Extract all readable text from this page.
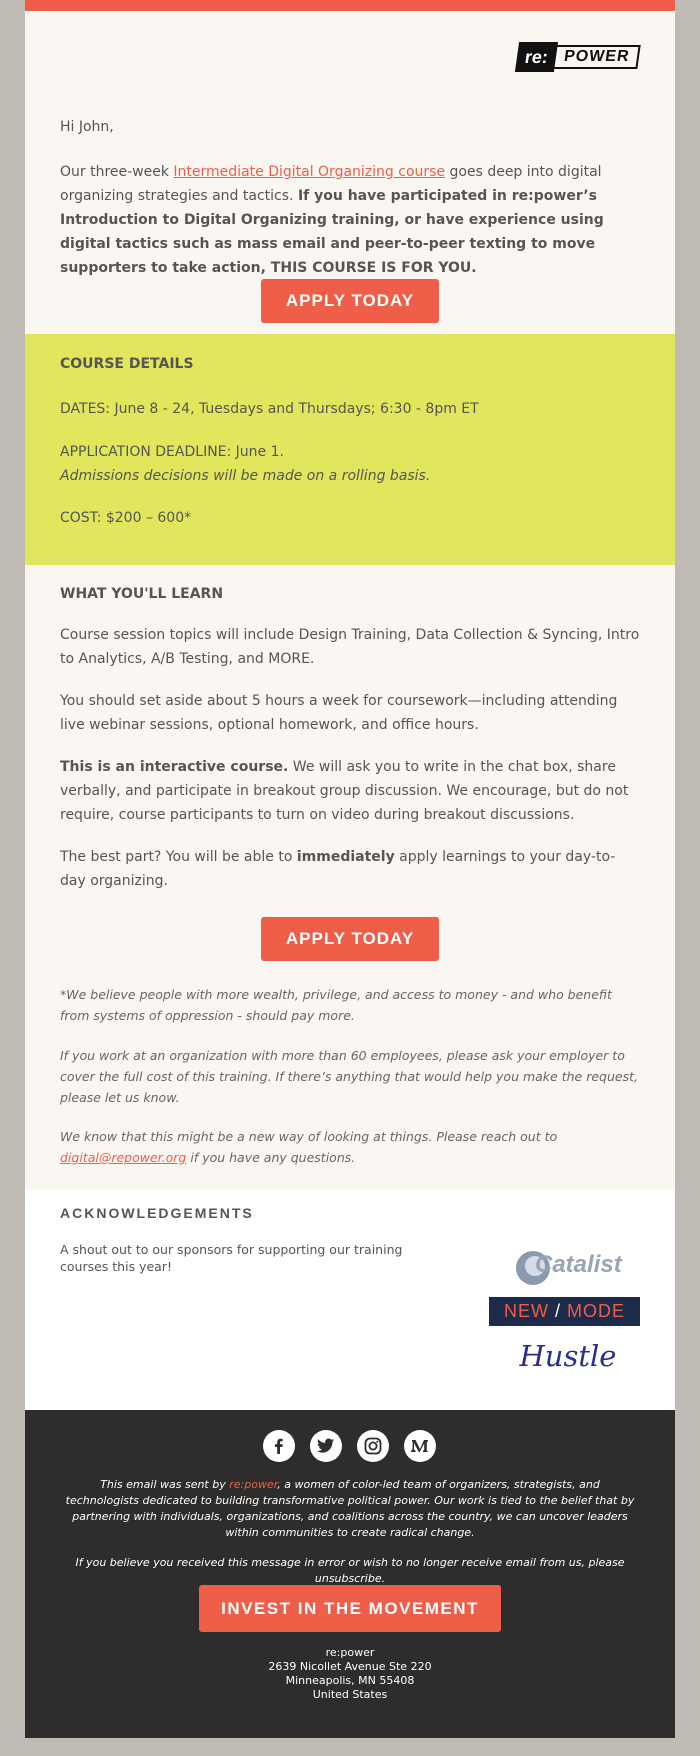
re: POWER

Hi John,

Our three-week Intermediate Digital Organizing course goes deep into digital organizing strategies and tactics. If you have participated in re:power’s Introduction to Digital Organizing training, or have experience using digital tactics such as mass email and peer-to-peer texting to move supporters to take action, THIS COURSE IS FOR YOU.

APPLY TODAY
COURSE DETAILS

DATES: June 8 - 24, Tuesdays and Thursdays; 6:30 - 8pm ET

APPLICATION DEADLINE: June 1.

Admissions decisions will be made on a rolling basis.

COST: $200 – 600*

WHAT YOU'LL LEARN

Course session topics will include Design Training, Data Collection & Syncing, Intro to Analytics, A/B Testing, and MORE.

You should set aside about 5 hours a week for coursework—including attending live webinar sessions, optional homework, and office hours.

This is an interactive course. We will ask you to write in the chat box, share verbally, and participate in breakout group discussion. We encourage, but do not require, course participants to turn on video during breakout discussions.

The best part? You will be able to immediately apply learnings to your day-to-day organizing.

APPLY TODAY

*We believe people with more wealth, privilege, and access to money - and who benefit from systems of oppression - should pay more.

If you work at an organization with more than 60 employees, please ask your employer to cover the full cost of this training. If there’s anything that would help you make the request, please let us know.

We know that this might be a new way of looking at things. Please reach out to digital@repower.org if you have any questions.

ACKNOWLEDGEMENTS
A shout out to our sponsors for supporting our training courses this year!	Catalist
NEW / MODE
Hustle
This email was sent by re:power, a women of color-led team of organizers, strategists, and technologists dedicated to building transformative political power. Our work is tied to the belief that by partnering with individuals, organizations, and coalitions across the country, we can uncover leaders within communities to create radical change.
If you believe you received this message in error or wish to no longer receive email from us, please unsubscribe.
INVEST IN THE MOVEMENT
re:power
2639 Nicollet Avenue Ste 220
Minneapolis, MN 55408
United States
